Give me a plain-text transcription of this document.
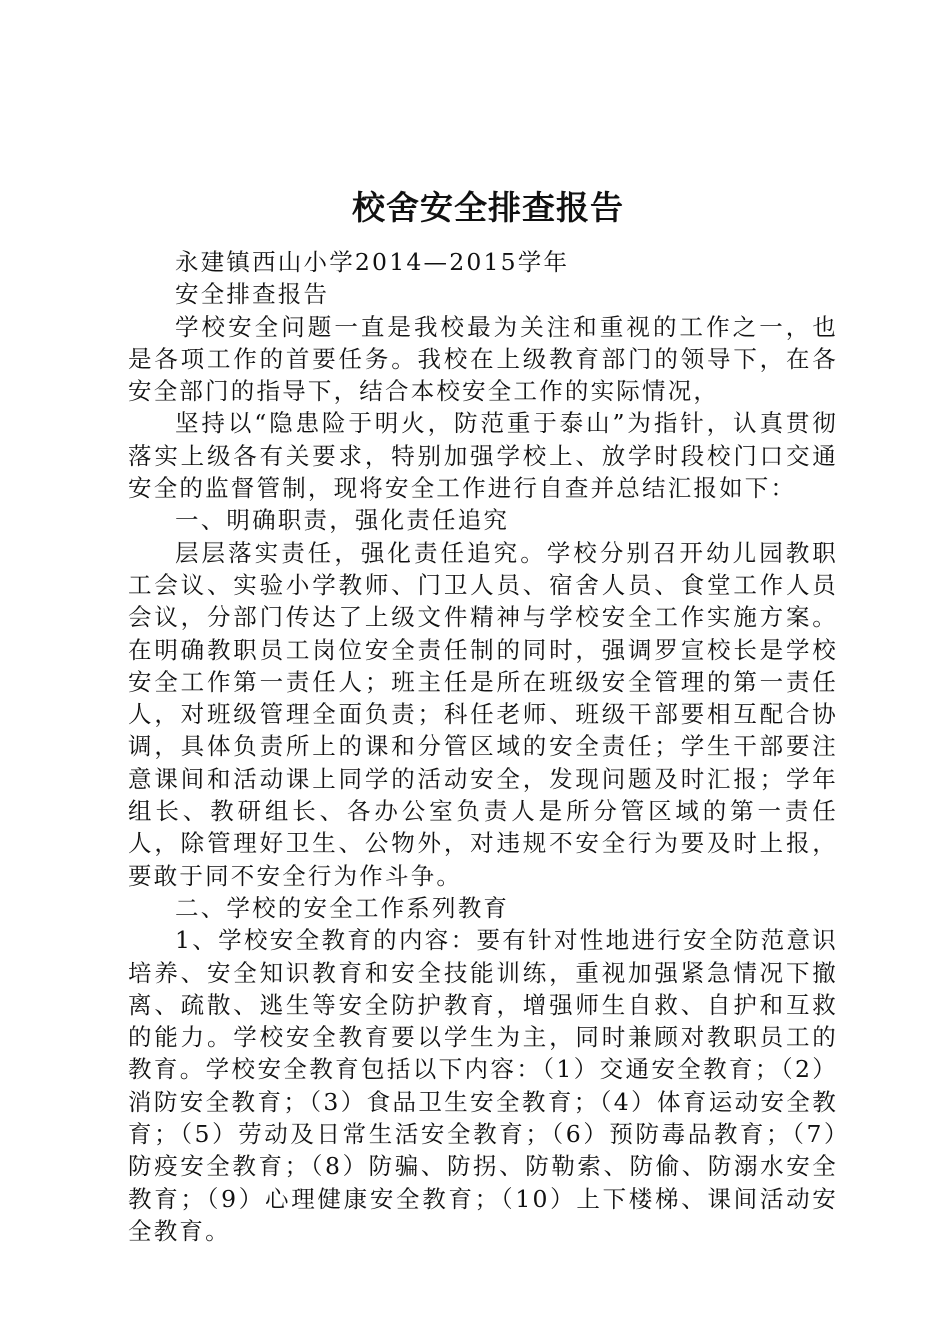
校舍安全排查报告

永建镇西山小学2014—2015学年

安全排查报告

学校安全问题一直是我校最为关注和重视的工作之一，也是各项工作的首要任务。我校在上级教育部门的领导下，在各安全部门的指导下，结合本校安全工作的实际情况，

坚持以“隐患险于明火，防范重于泰山”为指针，认真贯彻落实上级各有关要求，特别加强学校上、放学时段校门口交通安全的监督管制，现将安全工作进行自查并总结汇报如下：

一、明确职责，强化责任追究

层层落实责任，强化责任追究。学校分别召开幼儿园教职工会议、实验小学教师、门卫人员、宿舍人员、食堂工作人员会议，分部门传达了上级文件精神与学校安全工作实施方案。在明确教职员工岗位安全责任制的同时，强调罗宣校长是学校安全工作第一责任人；班主任是所在班级安全管理的第一责任人，对班级管理全面负责；科任老师、班级干部要相互配合协调，具体负责所上的课和分管区域的安全责任；学生干部要注意课间和活动课上同学的活动安全，发现问题及时汇报；学年组长、教研组长、各办公室负责人是所分管区域的第一责任人，除管理好卫生、公物外，对违规不安全行为要及时上报，要敢于同不安全行为作斗争。

二、学校的安全工作系列教育

1、学校安全教育的内容：要有针对性地进行安全防范意识培养、安全知识教育和安全技能训练，重视加强紧急情况下撤离、疏散、逃生等安全防护教育，增强师生自救、自护和互救的能力。学校安全教育要以学生为主，同时兼顾对教职员工的教育。学校安全教育包括以下内容：（1）交通安全教育；（2）消防安全教育；（3）食品卫生安全教育；（4）体育运动安全教育；（5）劳动及日常生活安全教育；（6）预防毒品教育；（7）防疫安全教育；（8）防骗、防拐、防勒索、防偷、防溺水安全教育；（9）心理健康安全教育；（10）上下楼梯、课间活动安全教育。
